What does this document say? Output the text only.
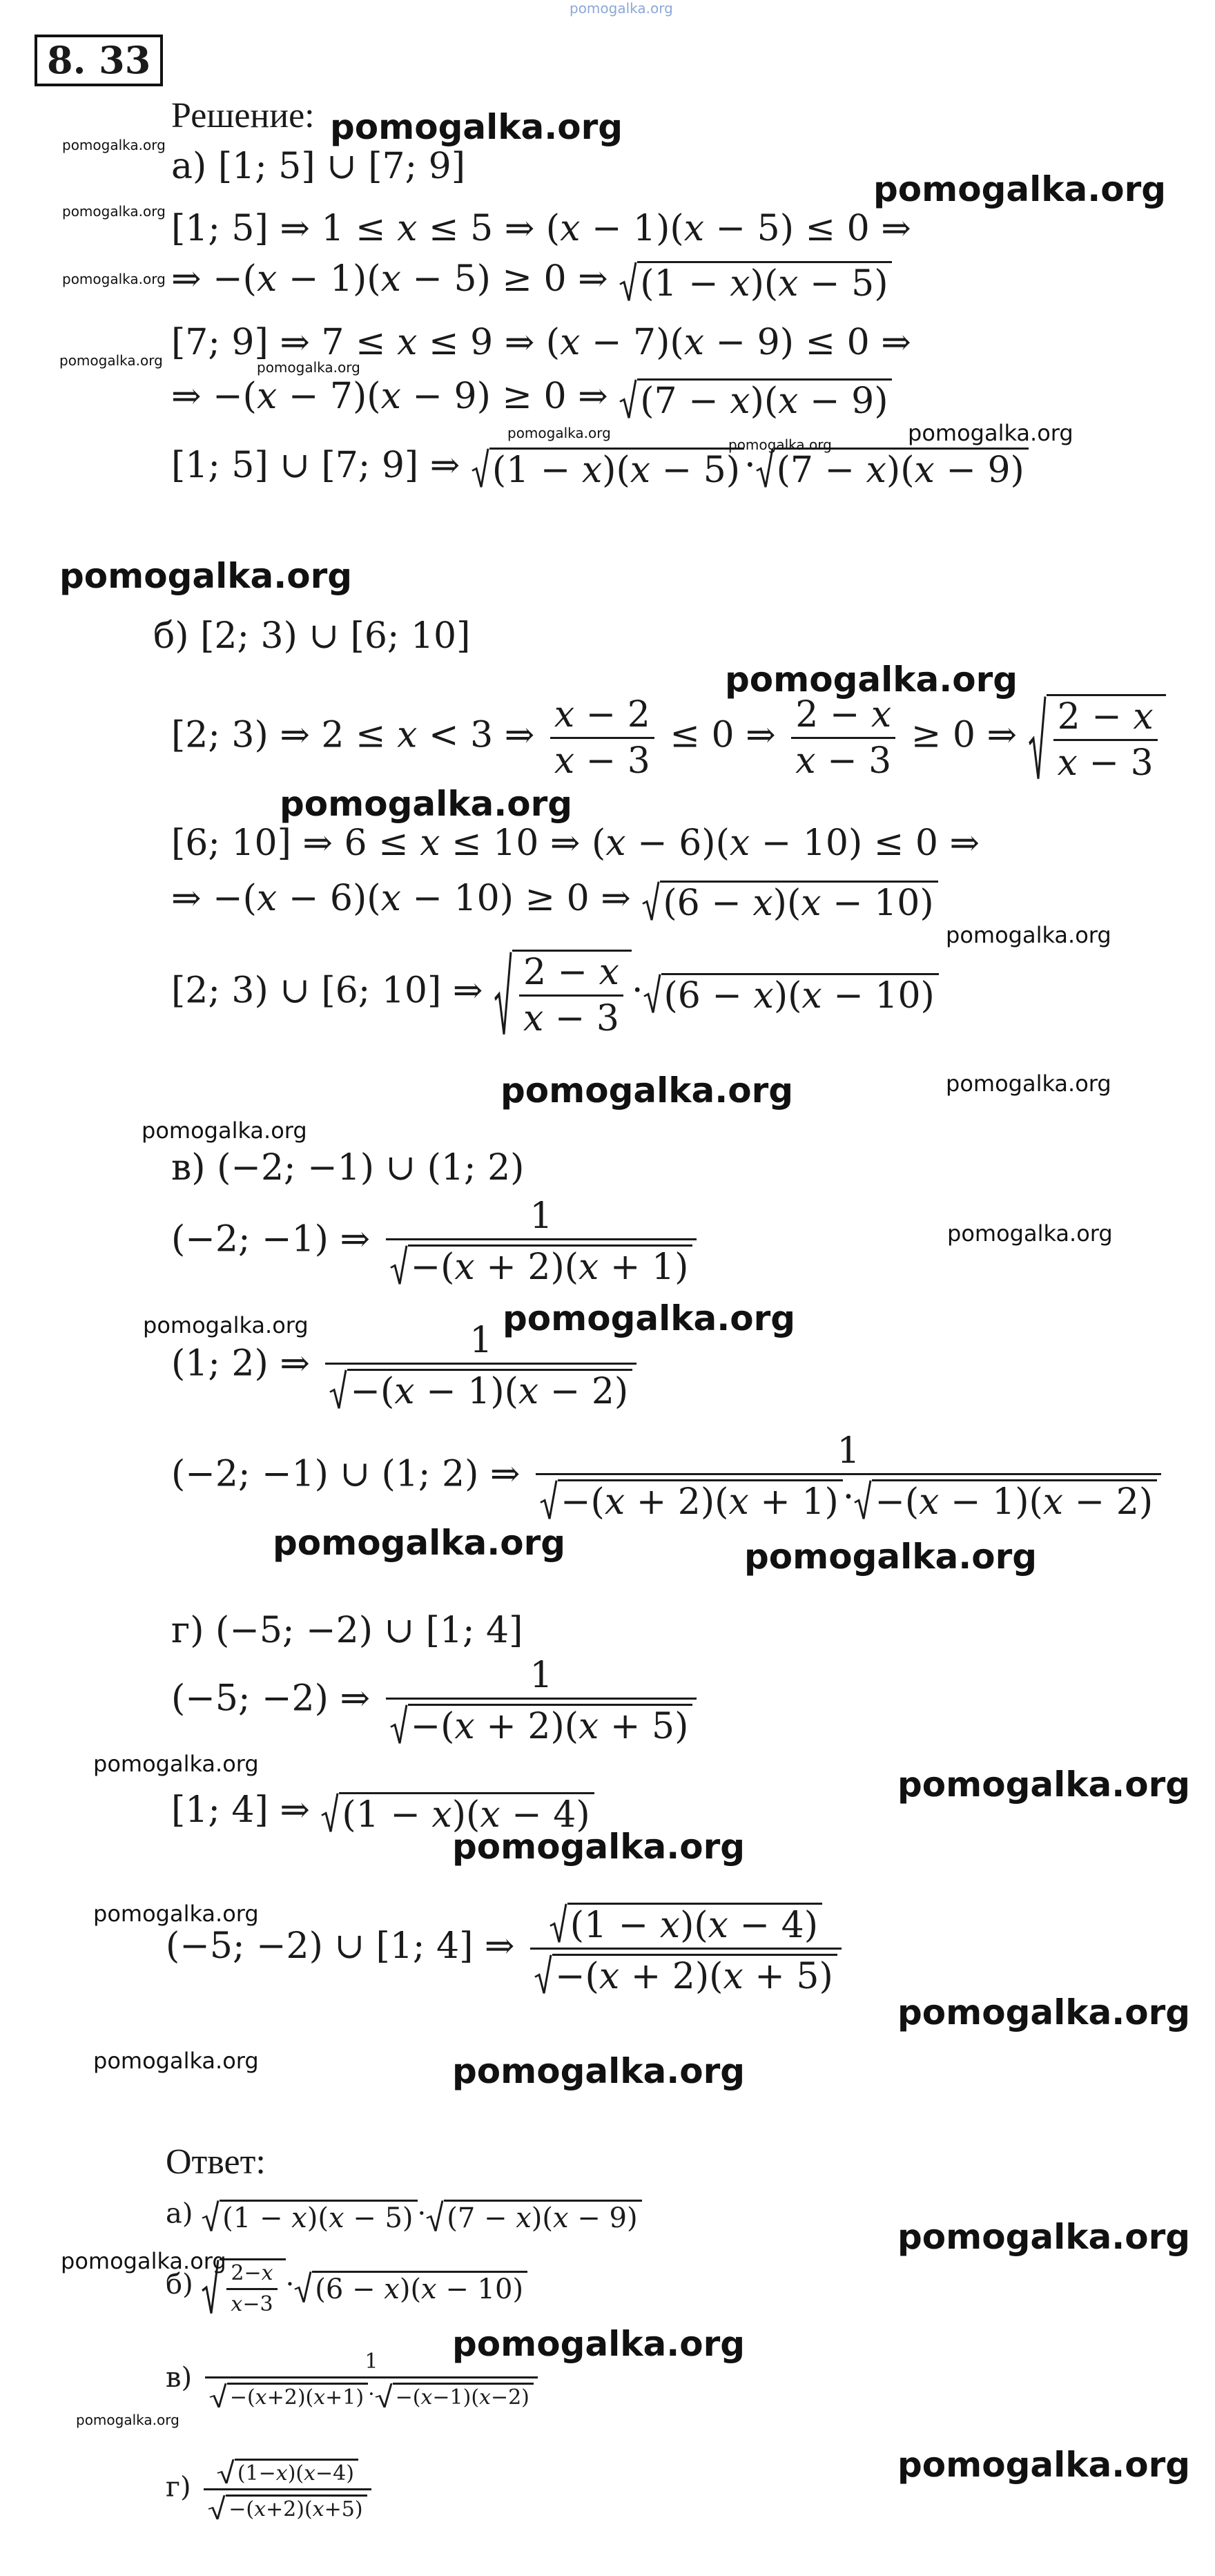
pomogalka.org
8. 33
Решение:
а) [1; 5] ∪ [7; 9]
[1; 5] ⇒ 1 ≤ 𝑥 ≤ 5 ⇒ (𝑥 − 1)(𝑥 − 5) ≤ 0 ⇒
⇒ −(𝑥 − 1)(𝑥 − 5) ≥ 0 ⇒ (1 − 𝑥)(𝑥 − 5)
[7; 9] ⇒ 7 ≤ 𝑥 ≤ 9 ⇒ (𝑥 − 7)(𝑥 − 9) ≤ 0 ⇒
⇒ −(𝑥 − 7)(𝑥 − 9) ≥ 0 ⇒ (7 − 𝑥)(𝑥 − 9)
[1; 5] ∪ [7; 9] ⇒ (1 − 𝑥)(𝑥 − 5) · (7 − 𝑥)(𝑥 − 9)
б) [2; 3) ∪ [6; 10]
[2; 3) ⇒ 2 ≤ 𝑥 < 3 ⇒ $\frac{\text{𝑥 − 2}}{\text{𝑥 − 3}} \le 0$ ⇒ $\frac{\text{2 − 𝑥}}{\text{𝑥 − 3}} \ge 0$ ⇒ $\frac{\text{2 − 𝑥}}{\text{𝑥 − 3}}$
[6; 10] ⇒ 6 ≤ 𝑥 ≤ 10 ⇒ (𝑥 − 6)(𝑥 − 10) ≤ 0 ⇒
⇒ −(𝑥 − 6)(𝑥 − 10) ≥ 0 ⇒ (6 − 𝑥)(𝑥 − 10)
[2; 3) ∪ [6; 10] ⇒ $\frac{\text{2 − 𝑥}}{\text{𝑥 − 3}} \cdot (6$ − 𝑥)(𝑥 − 10)
в) (−2; −1) ∪ (1; 2)
(−2; −1) ⇒ $\frac{1}{\text{−(𝑥 + 2)(𝑥 + 1)}}$
(1; 2) ⇒ $\frac{1}{\text{−(𝑥 − 1)(𝑥 − 2)}}$
(−2; −1) ∪ (1; 2) ⇒ $\frac{1}{\text{−(𝑥 + 2)(𝑥 + 1) · −(𝑥 − 1)(𝑥 − 2)}}$
г) (−5; −2) ∪ [1; 4]
(−5; −2) ⇒ $\frac{1}{\text{−(𝑥 + 2)(𝑥 + 5)}}$
[1; 4] ⇒ (1 − 𝑥)(𝑥 − 4)
(−5; −2) ∪ [1; 4] ⇒ $\frac{\text{(1 − 𝑥)(𝑥 − 4)}}{\text{−(𝑥 + 2)(𝑥 + 5)}}$
Ответ:
а) (1 − 𝑥)(𝑥 − 5) · (7 − 𝑥)(𝑥 − 9)
$б) \frac{\text{2−𝑥}}{\text{𝑥−3}} \cdot (6$ − 𝑥)(𝑥 − 10)
$в) \frac{1}{\text{−(𝑥+2)(𝑥+1) · −(𝑥−1)(𝑥−2)}}$
$г) \frac{\text{(1−𝑥)(𝑥−4)}}{\text{−(𝑥+2)(𝑥+5)}}$
pomogalka.org
pomogalka.org
pomogalka.org
pomogalka.org
pomogalka.org
pomogalka.org	pomogalka.org
pomogalka.org
pomogalka.org	pomogalka.org
pomogalka.org
pomogalka.org
pomogalka.org
pomogalka.org
pomogalka.org	pomogalka.org
pomogalka.org
pomogalka.org
pomogalka.org
pomogalka.org
pomogalka.org	pomogalka.org
pomogalka.org
pomogalka.org
pomogalka.org
pomogalka.org
pomogalka.org
pomogalka.org	pomogalka.org
pomogalka.org
pomogalka.org
pomogalka.org
pomogalka.org
pomogalka.org
